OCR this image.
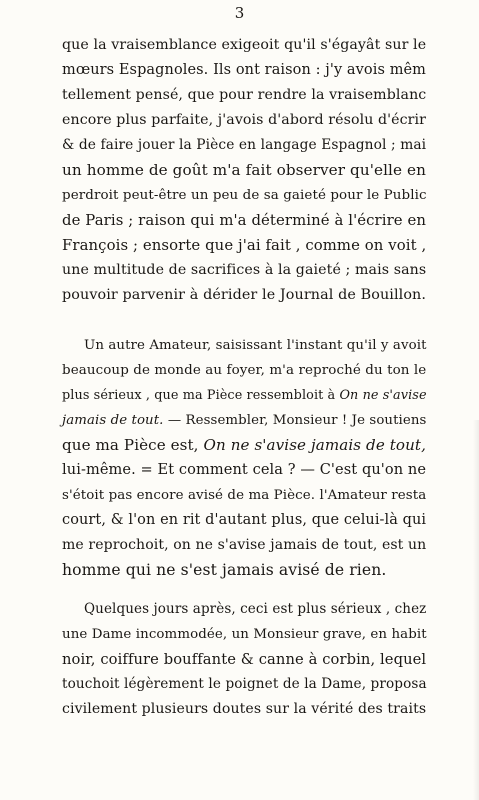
3
que la vraisemblance exigeoit qu'il s'égayât sur le
mœurs Espagnoles. Ils ont raison : j'y avois mêm
tellement pensé, que pour rendre la vraisemblanc
encore plus parfaite, j'avois d'abord résolu d'écrir
& de faire jouer la Pièce en langage Espagnol ; mai
un homme de goût m'a fait observer qu'elle en
perdroit peut-être un peu de sa gaieté pour le Public
de Paris ; raison qui m'a déterminé à l'écrire en
François ; ensorte que j'ai fait , comme on voit ,
une multitude de sacrifices à la gaieté ; mais sans
pouvoir parvenir à dérider le Journal de Bouillon.
Un autre Amateur, saisissant l'instant qu'il y avoit
beaucoup de monde au foyer, m'a reproché du ton le
plus sérieux , que ma Pièce ressembloit à On ne s'avise
jamais de tout. — Ressembler, Monsieur ! Je soutiens
que ma Pièce est, On ne s'avise jamais de tout,
lui-même. = Et comment cela ? — C'est qu'on ne
s'étoit pas encore avisé de ma Pièce. l'Amateur resta
court, & l'on en rit d'autant plus, que celui-là qui
me reprochoit, on ne s'avise jamais de tout, est un
homme qui ne s'est jamais avisé de rien.
Quelques jours après, ceci est plus sérieux , chez
une Dame incommodée, un Monsieur grave, en habit
noir, coiffure bouffante & canne à corbin, lequel
touchoit légèrement le poignet de la Dame, proposa
civilement plusieurs doutes sur la vérité des traits
